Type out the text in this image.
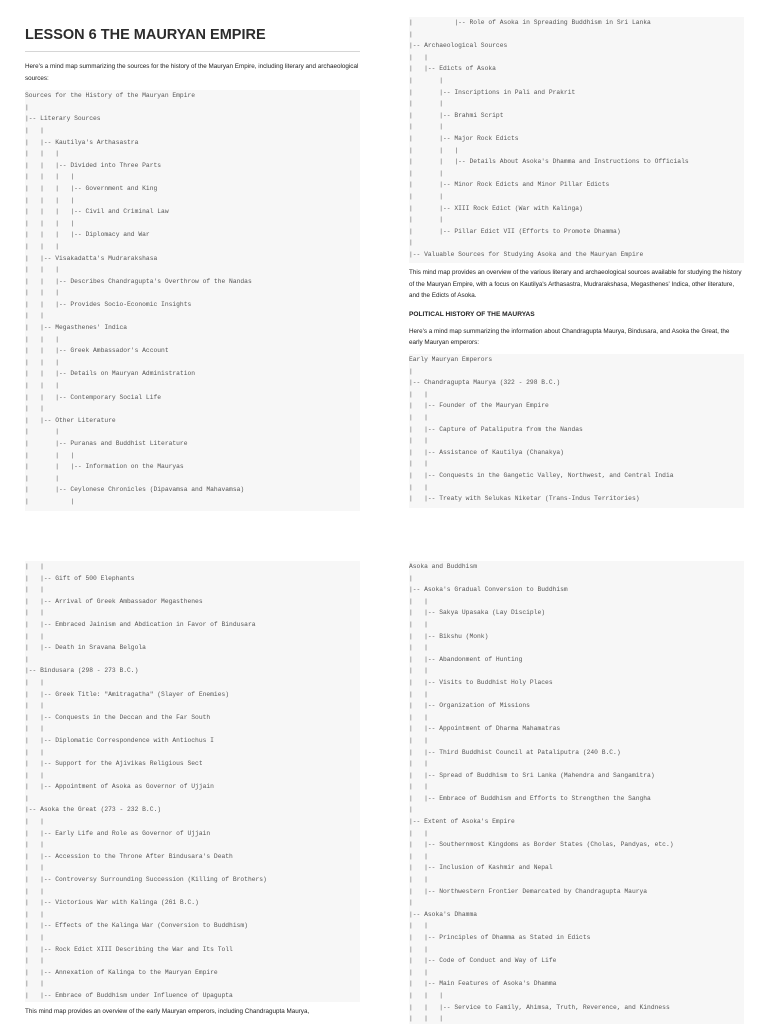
LESSON 6 THE MAURYAN EMPIRE

Here's a mind map summarizing the sources for the history of the Mauryan Empire, including literary and archaeological sources:

Sources for the History of the Mauryan Empire
|
|-- Literary Sources
|   |
|   |-- Kautilya's Arthasastra
|   |   |
|   |   |-- Divided into Three Parts
|   |   |   |
|   |   |   |-- Government and King
|   |   |   |
|   |   |   |-- Civil and Criminal Law
|   |   |   |
|   |   |   |-- Diplomacy and War
|   |   |
|   |-- Visakadatta's Mudrarakshasa
|   |   |
|   |   |-- Describes Chandragupta's Overthrow of the Nandas
|   |   |
|   |   |-- Provides Socio-Economic Insights
|   |
|   |-- Megasthenes' Indica
|   |   |
|   |   |-- Greek Ambassador's Account
|   |   |
|   |   |-- Details on Mauryan Administration
|   |   |
|   |   |-- Contemporary Social Life
|   |
|   |-- Other Literature
|       |
|       |-- Puranas and Buddhist Literature
|       |   |
|       |   |-- Information on the Mauryas
|       |
|       |-- Ceylonese Chronicles (Dipavamsa and Mahavamsa)
|           |
|           |-- Role of Asoka in Spreading Buddhism in Sri Lanka
|
|-- Archaeological Sources
|   |
|   |-- Edicts of Asoka
|       |
|       |-- Inscriptions in Pali and Prakrit
|       |
|       |-- Brahmi Script
|       |
|       |-- Major Rock Edicts
|       |   |
|       |   |-- Details About Asoka's Dhamma and Instructions to Officials
|       |
|       |-- Minor Rock Edicts and Minor Pillar Edicts
|       |
|       |-- XIII Rock Edict (War with Kalinga)
|       |
|       |-- Pillar Edict VII (Efforts to Promote Dhamma)
|
|-- Valuable Sources for Studying Asoka and the Mauryan Empire

This mind map provides an overview of the various literary and archaeological sources available for studying the history of the Mauryan Empire, with a focus on Kautilya's Arthasastra, Mudrarakshasa, Megasthenes' Indica, other literature, and the Edicts of Asoka.

POLITICAL HISTORY OF THE MAURYAS

Here's a mind map summarizing the information about Chandragupta Maurya, Bindusara, and Asoka the Great, the early Mauryan emperors:

Early Mauryan Emperors
|
|-- Chandragupta Maurya (322 - 298 B.C.)
|   |
|   |-- Founder of the Mauryan Empire
|   |
|   |-- Capture of Pataliputra from the Nandas
|   |
|   |-- Assistance of Kautilya (Chanakya)
|   |
|   |-- Conquests in the Gangetic Valley, Northwest, and Central India
|   |
|   |-- Treaty with Selukas Niketar (Trans-Indus Territories)
|   |
|   |-- Gift of 500 Elephants
|   |
|   |-- Arrival of Greek Ambassador Megasthenes
|   |
|   |-- Embraced Jainism and Abdication in Favor of Bindusara
|   |
|   |-- Death in Sravana Belgola
|
|-- Bindusara (298 - 273 B.C.)
|   |
|   |-- Greek Title: "Amitragatha" (Slayer of Enemies)
|   |
|   |-- Conquests in the Deccan and the Far South
|   |
|   |-- Diplomatic Correspondence with Antiochus I
|   |
|   |-- Support for the Ajivikas Religious Sect
|   |
|   |-- Appointment of Asoka as Governor of Ujjain
|
|-- Asoka the Great (273 - 232 B.C.)
|   |
|   |-- Early Life and Role as Governor of Ujjain
|   |
|   |-- Accession to the Throne After Bindusara's Death
|   |
|   |-- Controversy Surrounding Succession (Killing of Brothers)
|   |
|   |-- Victorious War with Kalinga (261 B.C.)
|   |
|   |-- Effects of the Kalinga War (Conversion to Buddhism)
|   |
|   |-- Rock Edict XIII Describing the War and Its Toll
|   |
|   |-- Annexation of Kalinga to the Mauryan Empire
|   |
|   |-- Embrace of Buddhism under Influence of Upagupta

This mind map provides an overview of the early Mauryan emperors, including Chandragupta Maurya,

Asoka and Buddhism
|
|-- Asoka's Gradual Conversion to Buddhism
|   |
|   |-- Sakya Upasaka (Lay Disciple)
|   |
|   |-- Bikshu (Monk)
|   |
|   |-- Abandonment of Hunting
|   |
|   |-- Visits to Buddhist Holy Places
|   |
|   |-- Organization of Missions
|   |
|   |-- Appointment of Dharma Mahamatras
|   |
|   |-- Third Buddhist Council at Pataliputra (240 B.C.)
|   |
|   |-- Spread of Buddhism to Sri Lanka (Mahendra and Sangamitra)
|   |
|   |-- Embrace of Buddhism and Efforts to Strengthen the Sangha
|
|-- Extent of Asoka's Empire
|   |
|   |-- Southernmost Kingdoms as Border States (Cholas, Pandyas, etc.)
|   |
|   |-- Inclusion of Kashmir and Nepal
|   |
|   |-- Northwestern Frontier Demarcated by Chandragupta Maurya
|
|-- Asoka's Dhamma
|   |
|   |-- Principles of Dhamma as Stated in Edicts
|   |
|   |-- Code of Conduct and Way of Life
|   |
|   |-- Main Features of Asoka's Dhamma
|   |   |
|   |   |-- Service to Family, Ahimsa, Truth, Reverence, and Kindness
|   |   |
